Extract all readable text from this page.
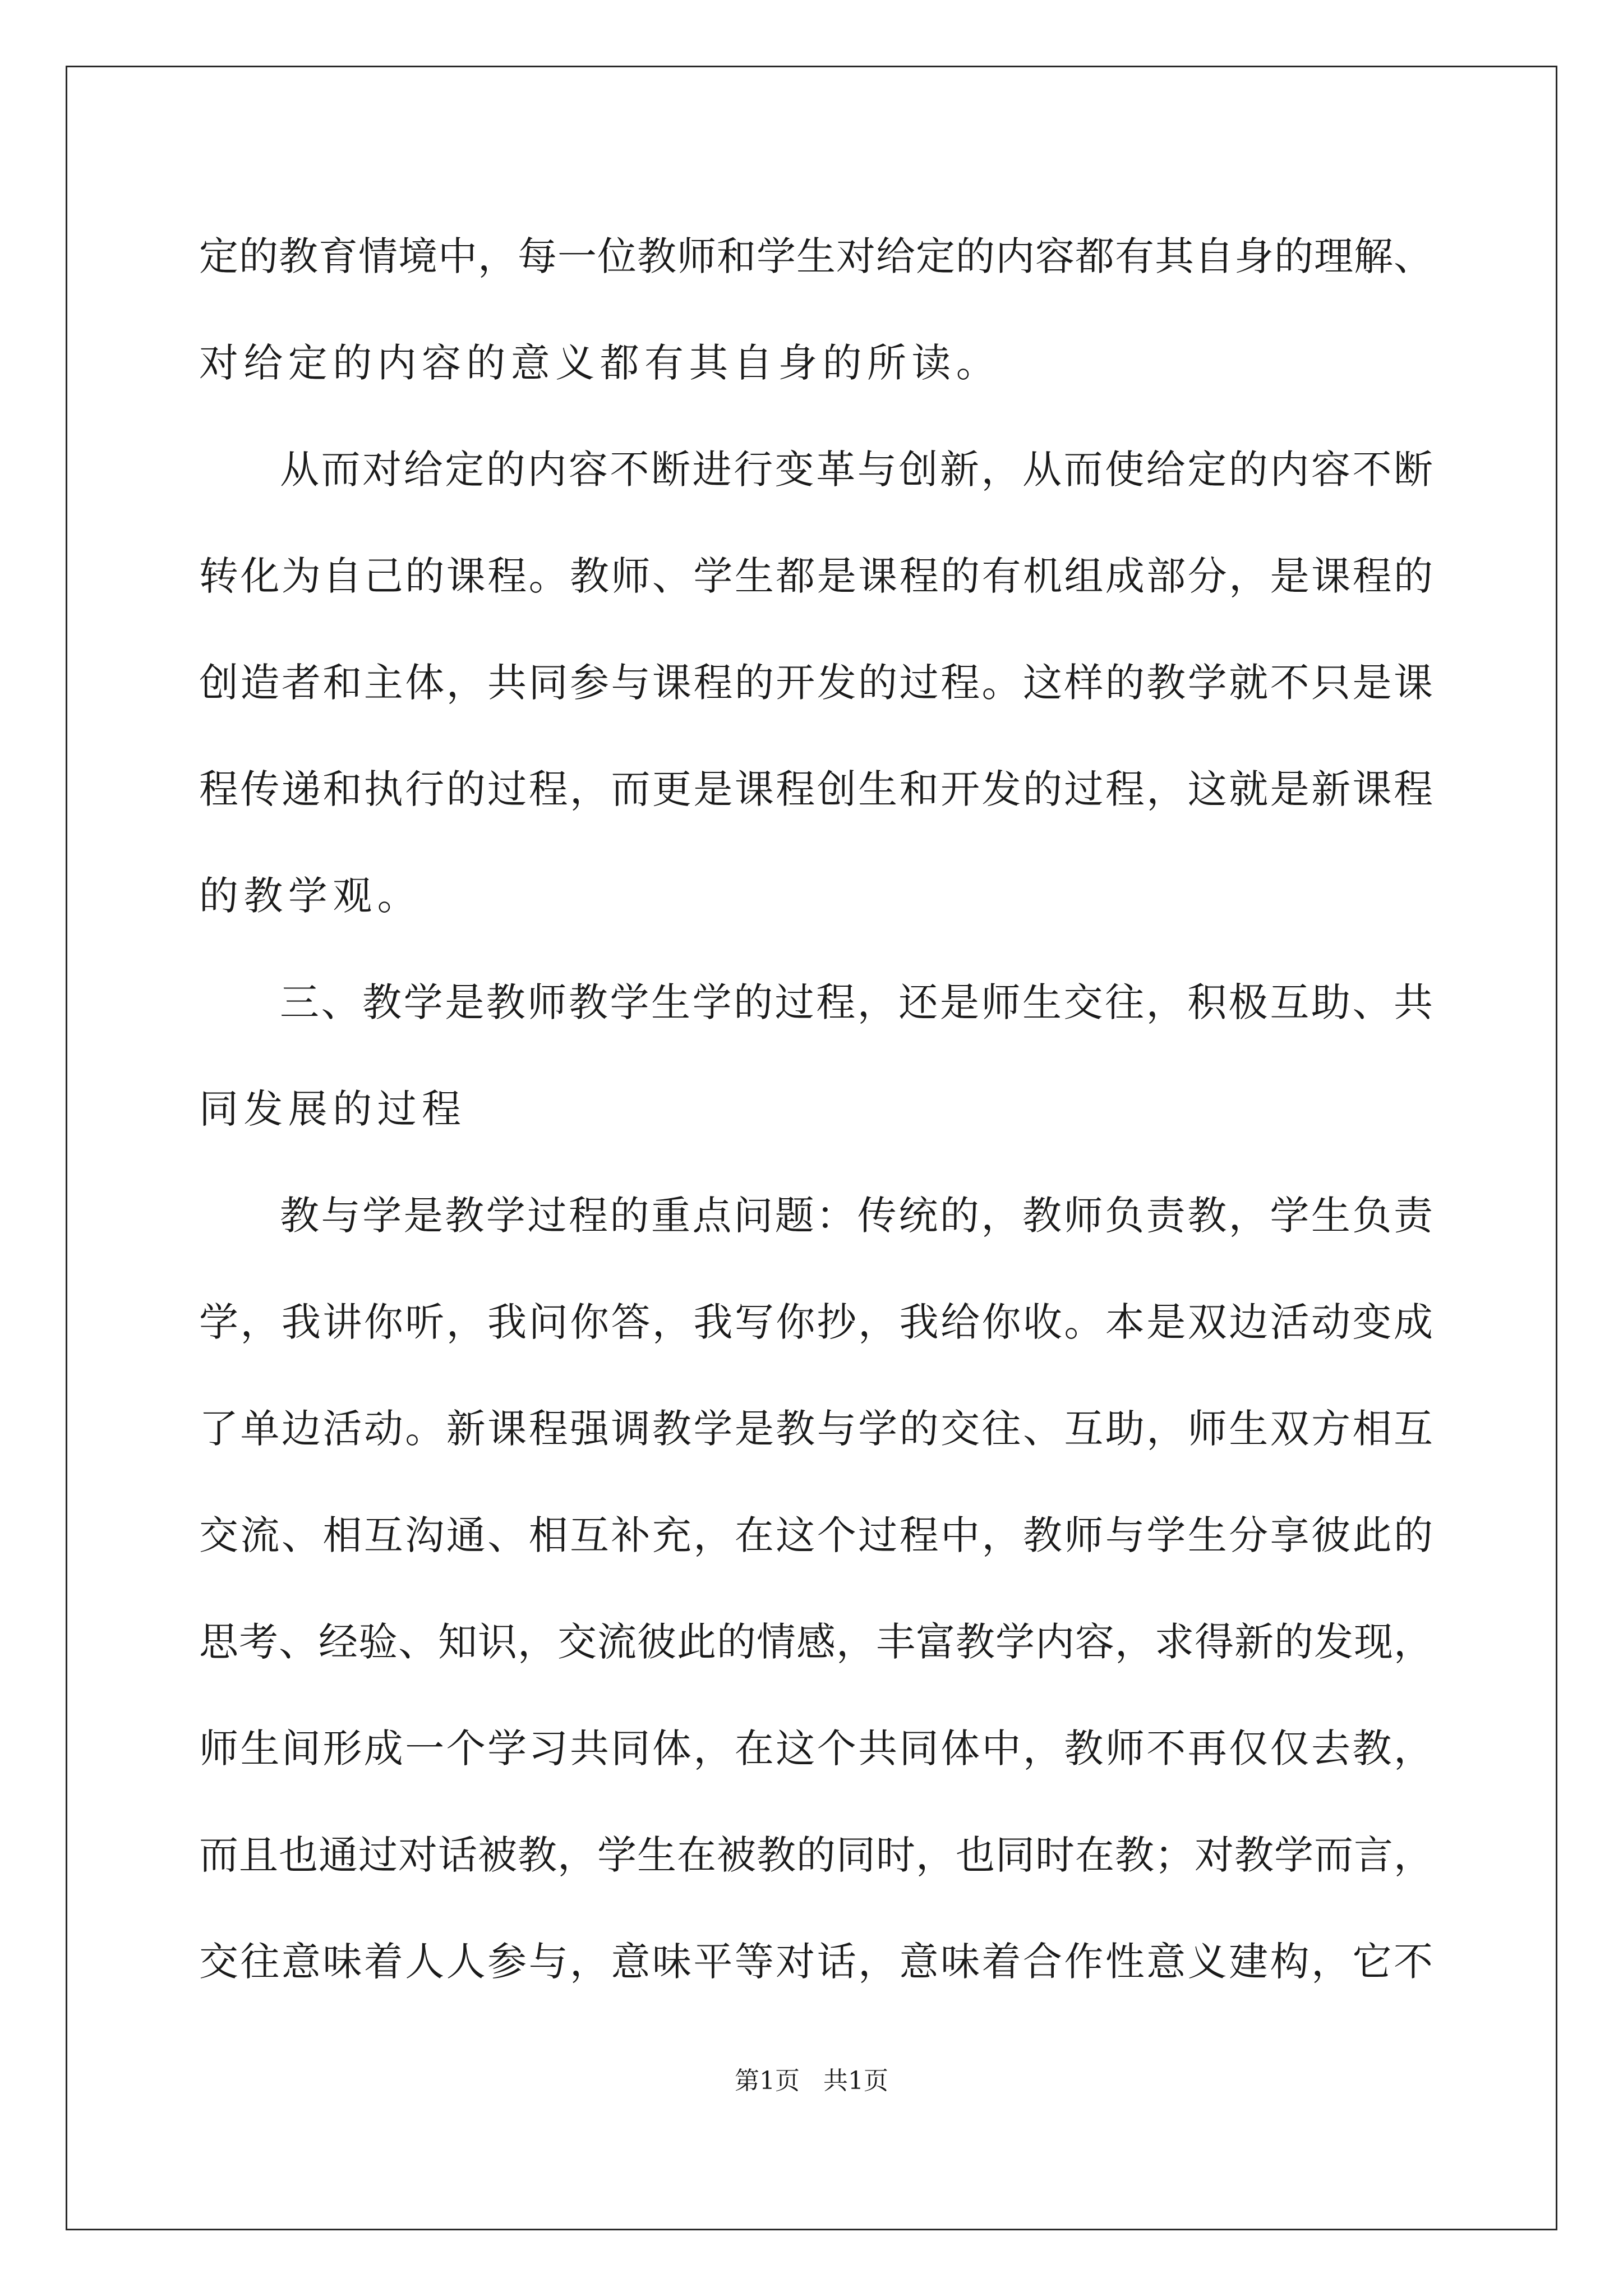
定的教育情境中，每一位教师和学生对给定的内容都有其自身的理解、
对给定的内容的意义都有其自身的所读。
从而对给定的内容不断进行变革与创新，从而使给定的内容不断
转化为自己的课程。教师、学生都是课程的有机组成部分，是课程的
创造者和主体，共同参与课程的开发的过程。这样的教学就不只是课
程传递和执行的过程，而更是课程创生和开发的过程，这就是新课程
的教学观。
三、教学是教师教学生学的过程，还是师生交往，积极互助、共
同发展的过程
教与学是教学过程的重点问题：传统的，教师负责教，学生负责
学，我讲你听，我问你答，我写你抄，我给你收。本是双边活动变成
了单边活动。新课程强调教学是教与学的交往、互助，师生双方相互
交流、相互沟通、相互补充，在这个过程中，教师与学生分享彼此的
思考、经验、知识，交流彼此的情感，丰富教学内容，求得新的发现，
师生间形成一个学习共同体，在这个共同体中，教师不再仅仅去教，
而且也通过对话被教，学生在被教的同时，也同时在教；对教学而言，
交往意味着人人参与，意味平等对话，意味着合作性意义建构，它不
第1页   共1页
